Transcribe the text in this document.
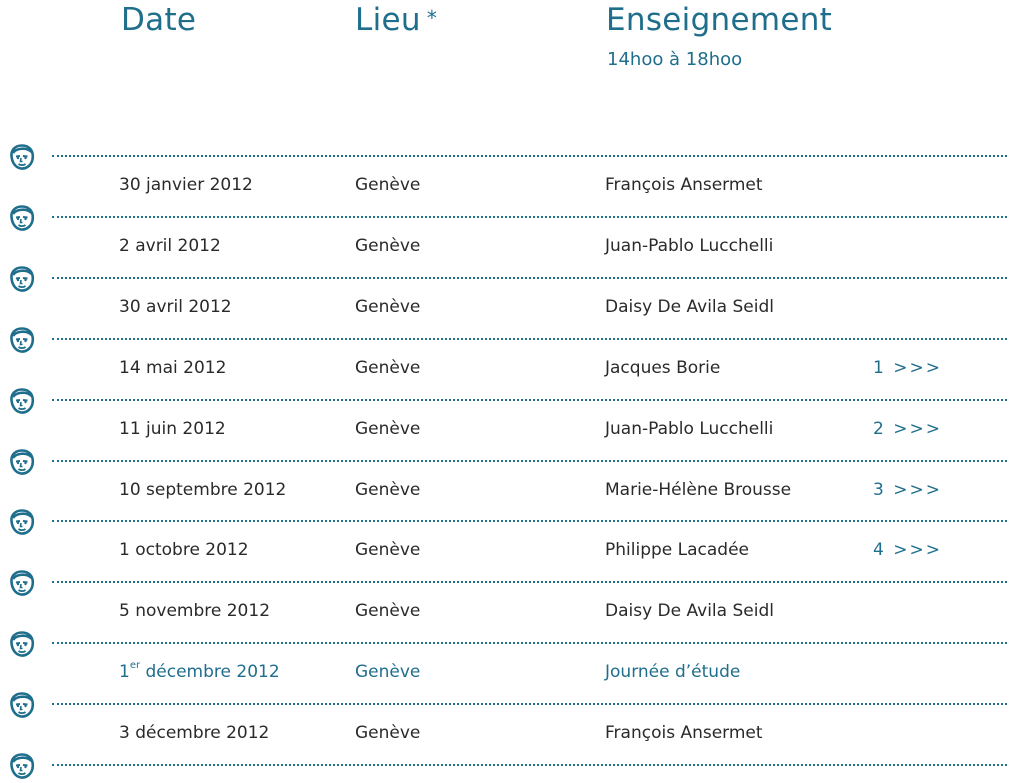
Date	Lieu *	Enseignement
14hoo à 18hoo
30 janvier 2012	Genève	François Ansermet
2 avril 2012	Genève	Juan-Pablo Lucchelli
30 avril 2012	Genève	Daisy De Avila Seidl
14 mai 2012	Genève	Jacques Borie	1 >>>
11 juin 2012	Genève	Juan-Pablo Lucchelli	2 >>>
10 septembre 2012	Genève	Marie-Hélène Brousse	3 >>>
1 octobre 2012	Genève	Philippe Lacadée	4 >>>
5 novembre 2012	Genève	Daisy De Avila Seidl
1er décembre 2012	Genève	Journée d’étude
3 décembre 2012	Genève	François Ansermet
